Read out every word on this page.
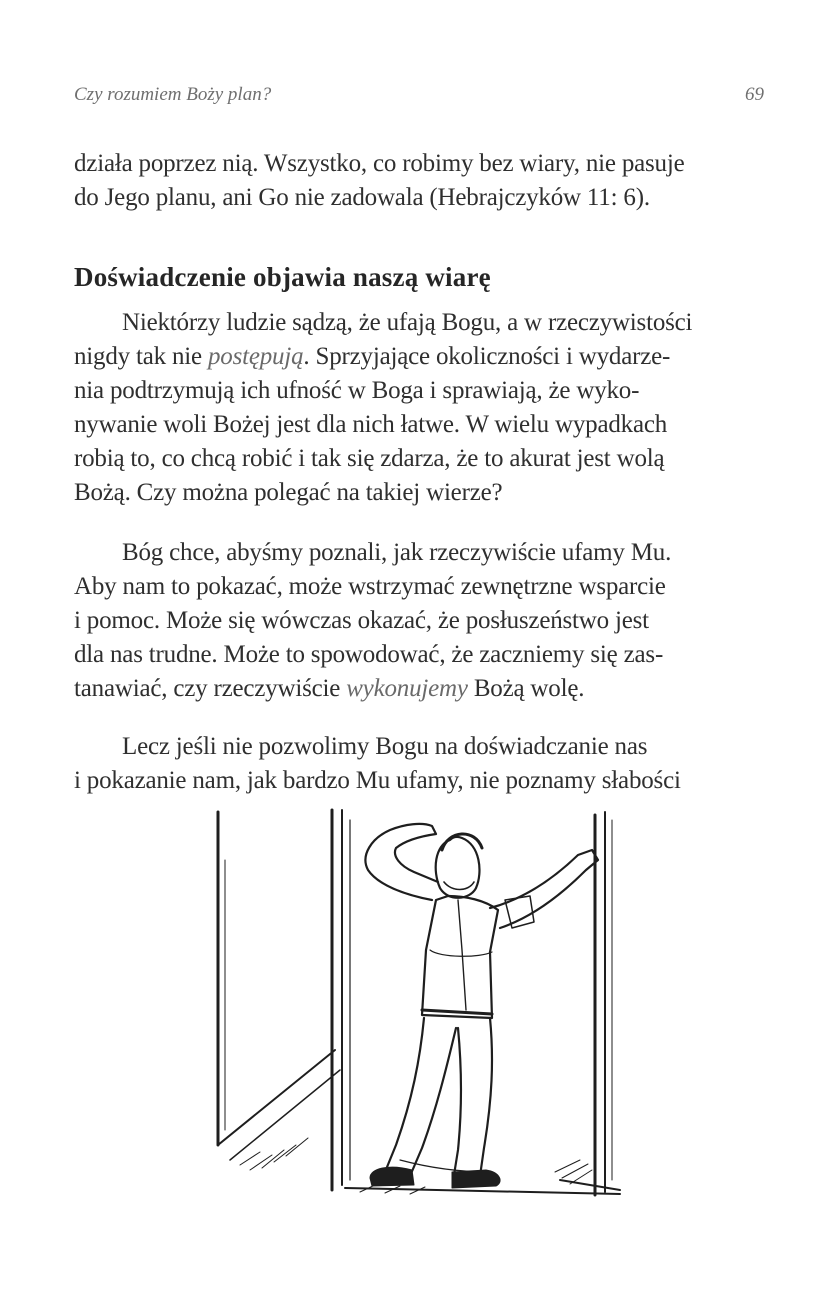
Czy rozumiem Boży plan?	69
działa poprzez nią. Wszystko, co robimy bez wiary, nie pasuje
do Jego planu, ani Go nie zadowala (Hebrajczyków 11: 6).
Doświadczenie objawia naszą wiarę
Niektórzy ludzie sądzą, że ufają Bogu, a w rzeczywistości
nigdy tak nie postępują. Sprzyjające okoliczności i wydarze-
nia podtrzymują ich ufność w Boga i sprawiają, że wyko-
nywanie woli Bożej jest dla nich łatwe. W wielu wypadkach
robią to, co chcą robić i tak się zdarza, że to akurat jest wolą
Bożą. Czy można polegać na takiej wierze?
Bóg chce, abyśmy poznali, jak rzeczywiście ufamy Mu.
Aby nam to pokazać, może wstrzymać zewnętrzne wsparcie
i pomoc. Może się wówczas okazać, że posłuszeństwo jest
dla nas trudne. Może to spowodować, że zaczniemy się zas-
tanawiać, czy rzeczywiście wykonujemy Bożą wolę.
Lecz jeśli nie pozwolimy Bogu na doświadczanie nas
i pokazanie nam, jak bardzo Mu ufamy, nie poznamy słabości
